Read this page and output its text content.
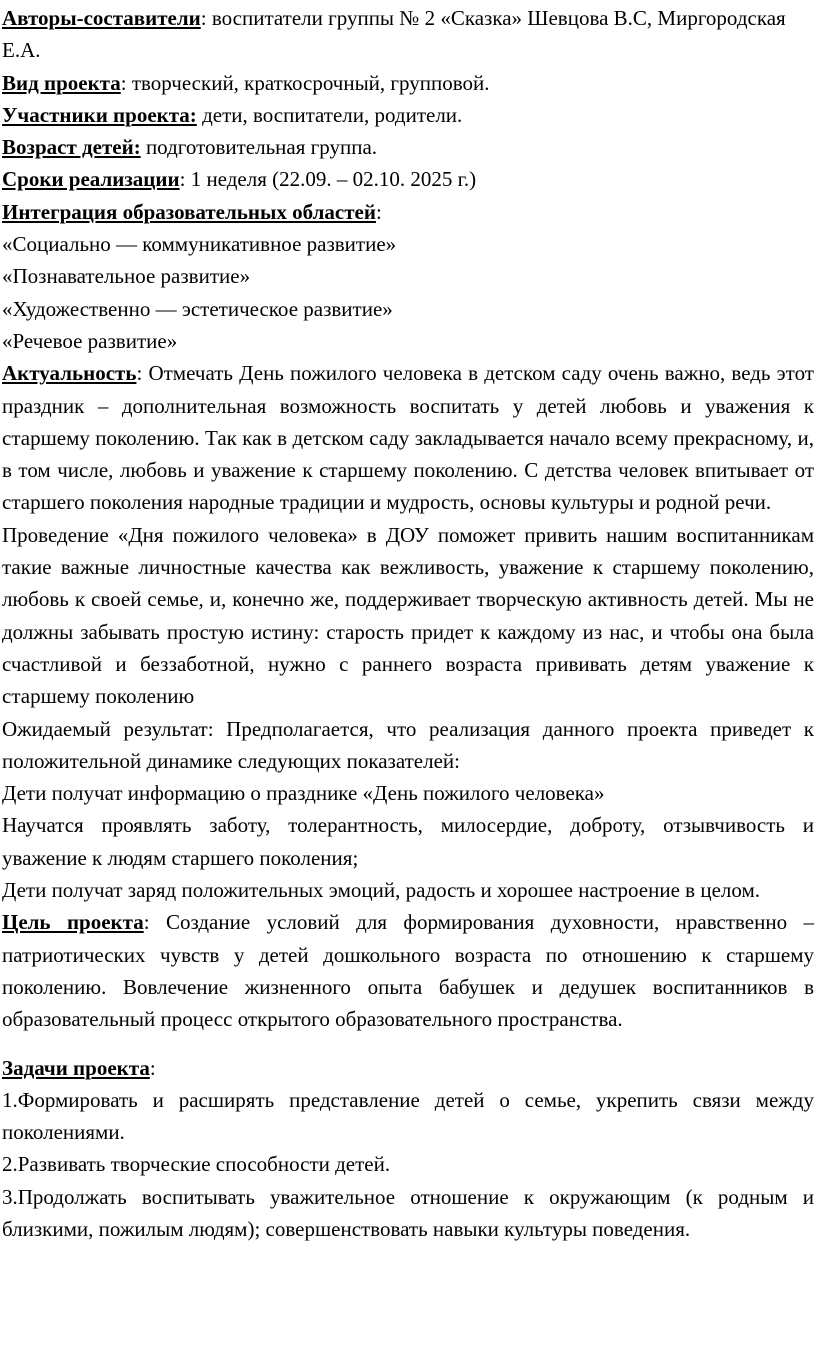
Авторы-составители: воспитатели группы № 2 «Сказка» Шевцова В.С, Миргородская Е.А.

Вид проекта: творческий, краткосрочный, групповой.

Участники проекта: дети, воспитатели, родители.

Возраст детей: подготовительная группа.

Сроки реализации: 1 неделя (22.09. – 02.10. 2025 г.)

Интеграция образовательных областей:

«Социально — коммуникативное развитие»

«Познавательное развитие»

«Художественно — эстетическое развитие»

«Речевое развитие»

Актуальность: Отмечать День пожилого человека в детском саду очень важно, ведь этот праздник – дополнительная возможность воспитать у детей любовь и уважения к старшему поколению. Так как в детском саду закладывается начало всему прекрасному, и, в том числе, любовь и уважение к старшему поколению. С детства человек впитывает от старшего поколения народные традиции и мудрость, основы культуры и родной речи.

Проведение «Дня пожилого человека» в ДОУ поможет привить нашим воспитанникам такие важные личностные качества как вежливость, уважение к старшему поколению, любовь к своей семье, и, конечно же, поддерживает творческую активность детей. Мы не должны забывать простую истину: старость придет к каждому из нас, и чтобы она была счастливой и беззаботной, нужно с раннего возраста прививать детям уважение к старшему поколению

Ожидаемый результат: Предполагается, что реализация данного проекта приведет к положительной динамике следующих показателей:

Дети получат информацию о празднике «День пожилого человека»

Научатся проявлять заботу, толерантность, милосердие, доброту, отзывчивость и уважение к людям старшего поколения;

Дети получат заряд положительных эмоций, радость и хорошее настроение в целом.

Цель проекта: Создание условий для формирования духовности, нравственно – патриотических чувств у детей дошкольного возраста по отношению к старшему поколению. Вовлечение жизненного опыта бабушек и дедушек воспитанников в образовательный процесс открытого образовательного пространства.

Задачи проекта:

1.Формировать и расширять представление детей о семье, укрепить связи между поколениями.

2.Развивать творческие способности детей.

3.Продолжать воспитывать уважительное отношение к окружающим (к родным и близкими, пожилым людям); совершенствовать навыки культуры поведения.
